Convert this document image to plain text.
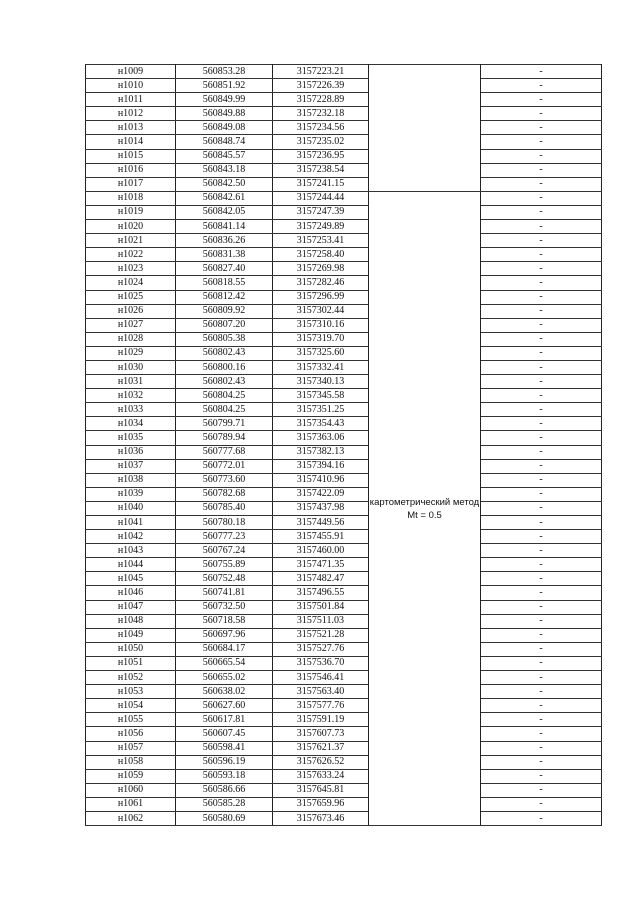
н1009	560853.28	3157223.21		-
н1010	560851.92	3157226.39		-
н1011	560849.99	3157228.89		-
н1012	560849.88	3157232.18		-
н1013	560849.08	3157234.56		-
н1014	560848.74	3157235.02		-
н1015	560845.57	3157236.95		-
н1016	560843.18	3157238.54		-
н1017	560842.50	3157241.15		-
н1018	560842.61	3157244.44	картометрический метод Mt = 0.5	-
н1019	560842.05	3157247.39		-
н1020	560841.14	3157249.89		-
н1021	560836.26	3157253.41		-
н1022	560831.38	3157258.40		-
н1023	560827.40	3157269.98		-
н1024	560818.55	3157282.46		-
н1025	560812.42	3157296.99		-
н1026	560809.92	3157302.44		-
н1027	560807.20	3157310.16		-
н1028	560805.38	3157319.70		-
н1029	560802.43	3157325.60		-
н1030	560800.16	3157332.41		-
н1031	560802.43	3157340.13		-
н1032	560804.25	3157345.58		-
н1033	560804.25	3157351.25		-
н1034	560799.71	3157354.43		-
н1035	560789.94	3157363.06		-
н1036	560777.68	3157382.13		-
н1037	560772.01	3157394.16		-
н1038	560773.60	3157410.96		-
н1039	560782.68	3157422.09		-
н1040	560785.40	3157437.98		-
н1041	560780.18	3157449.56		-
н1042	560777.23	3157455.91		-
н1043	560767.24	3157460.00		-
н1044	560755.89	3157471.35		-
н1045	560752.48	3157482.47		-
н1046	560741.81	3157496.55		-
н1047	560732.50	3157501.84		-
н1048	560718.58	3157511.03		-
н1049	560697.96	3157521.28		-
н1050	560684.17	3157527.76		-
н1051	560665.54	3157536.70		-
н1052	560655.02	3157546.41		-
н1053	560638.02	3157563.40		-
н1054	560627.60	3157577.76		-
н1055	560617.81	3157591.19		-
н1056	560607.45	3157607.73		-
н1057	560598.41	3157621.37		-
н1058	560596.19	3157626.52		-
н1059	560593.18	3157633.24		-
н1060	560586.66	3157645.81		-
н1061	560585.28	3157659.96		-
н1062	560580.69	3157673.46		-
